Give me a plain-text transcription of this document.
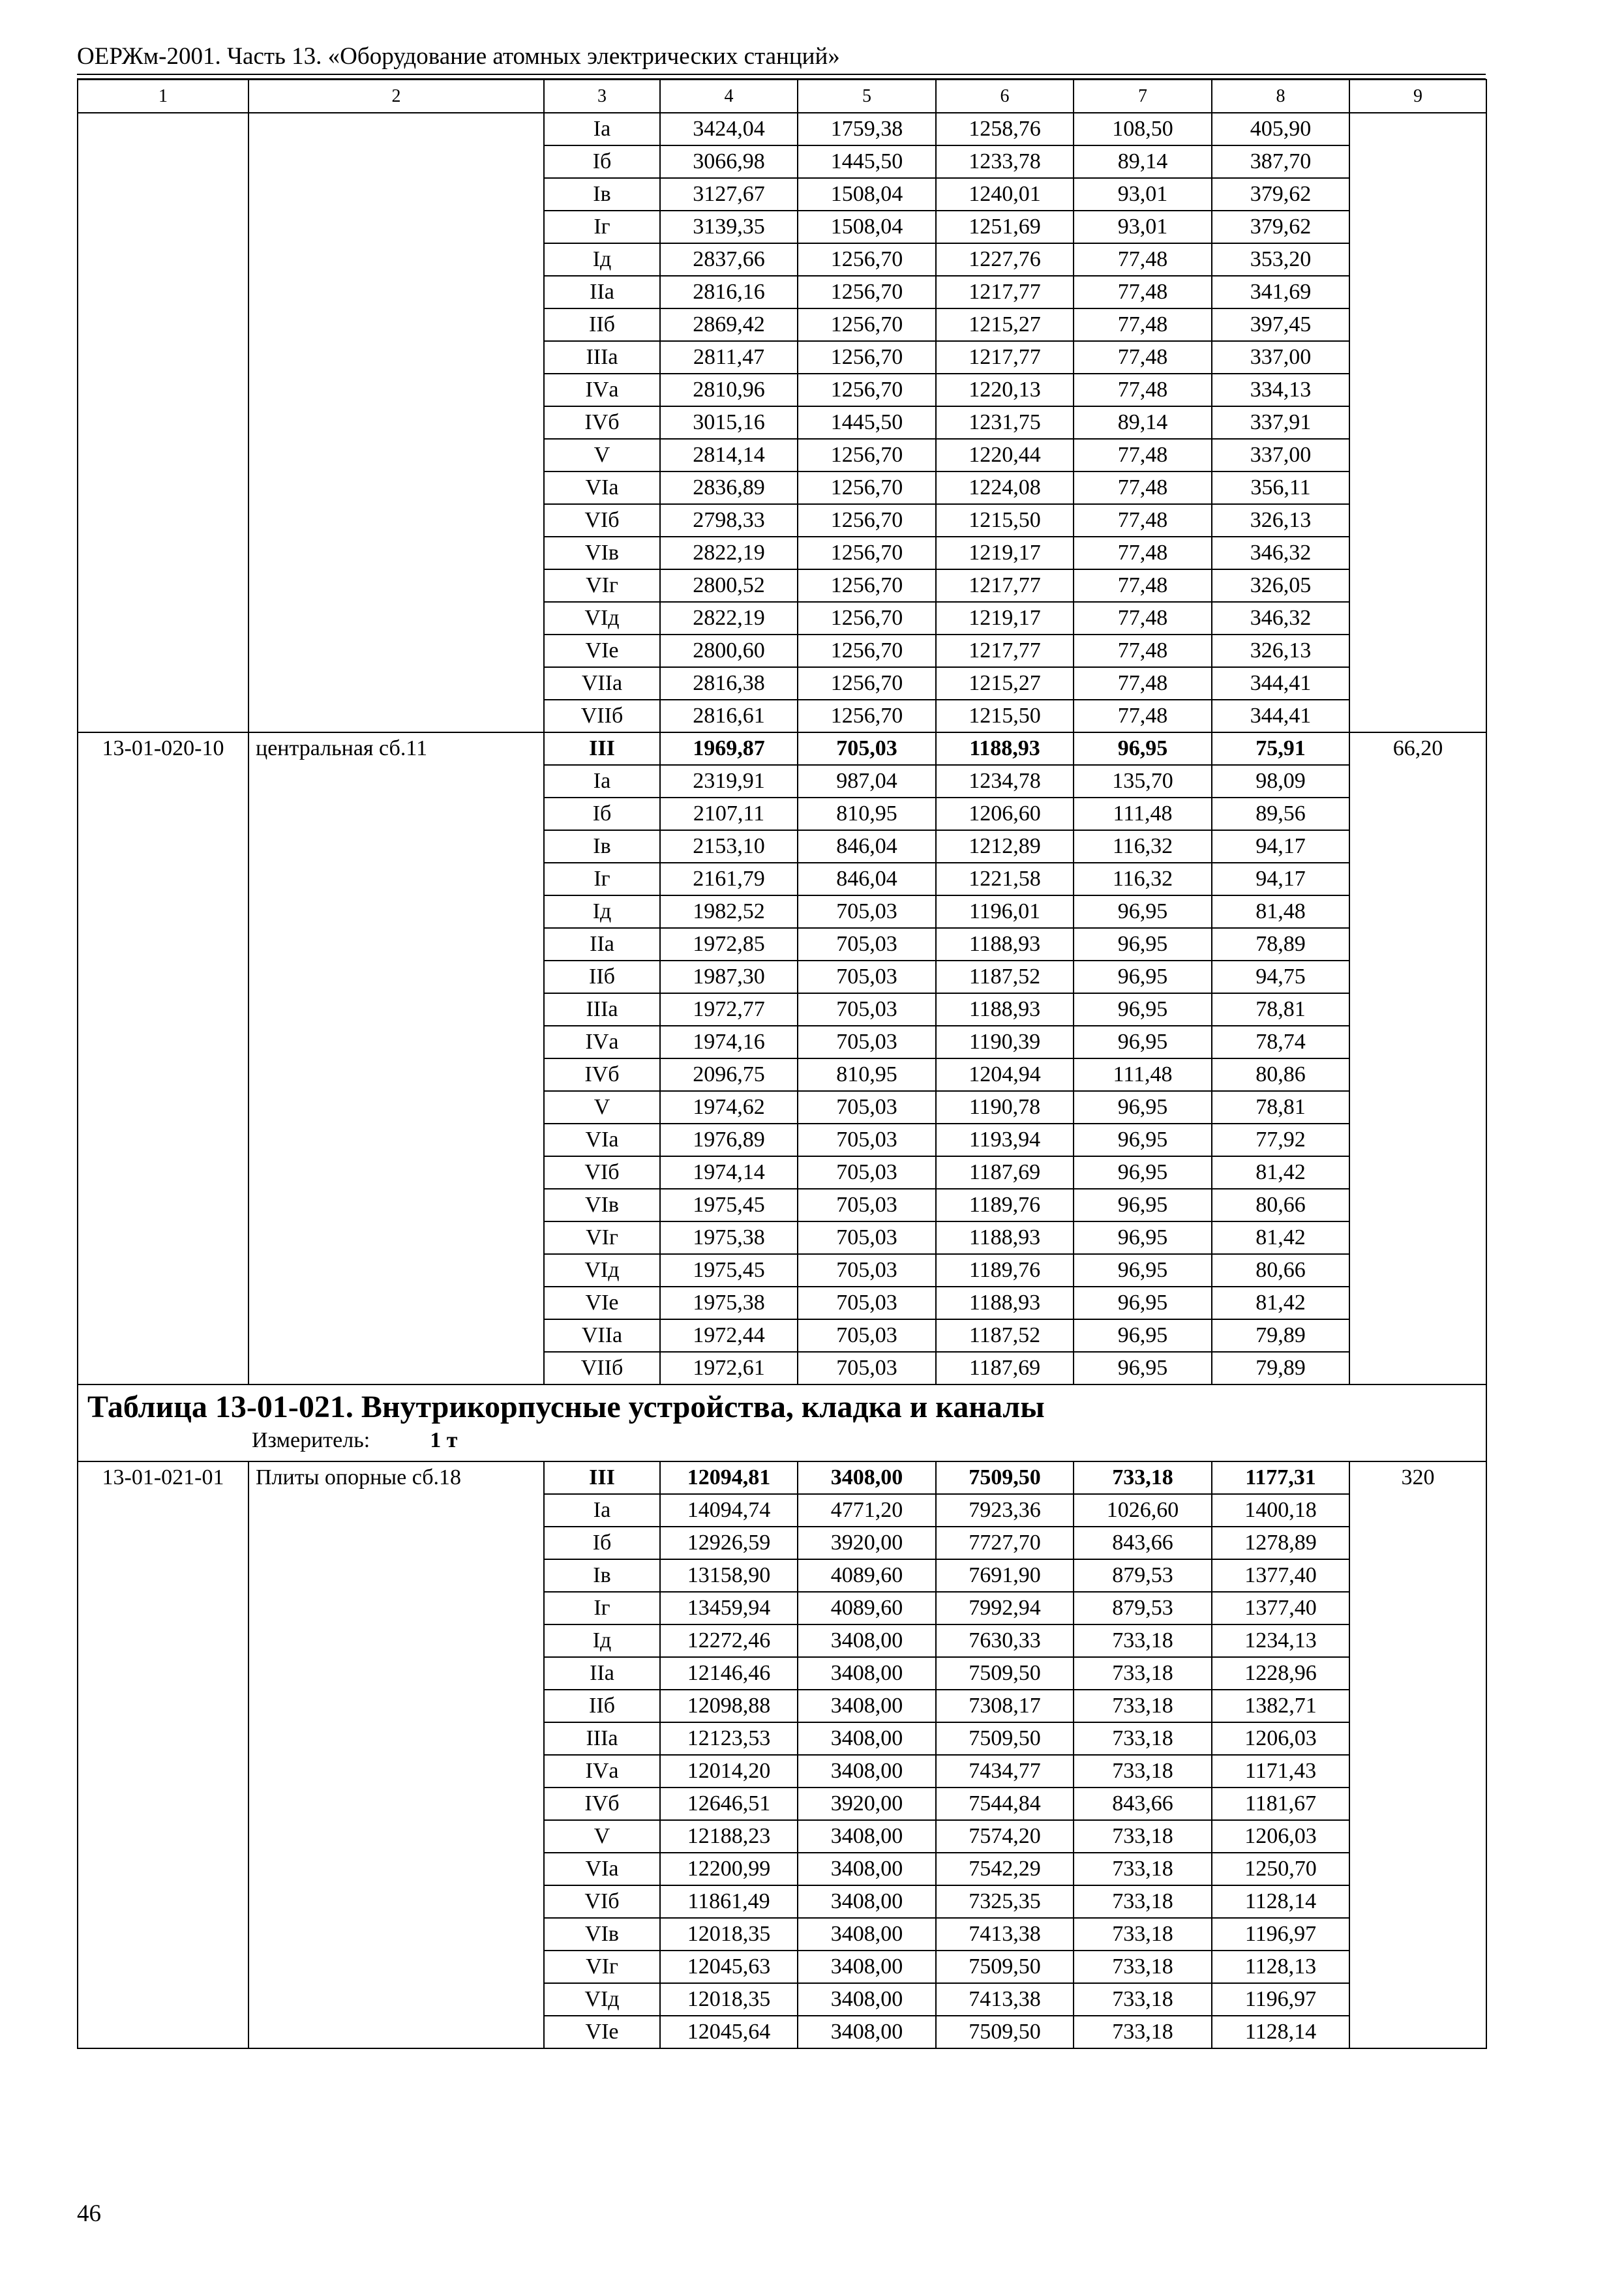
ОЕРЖм-2001. Часть 13. «Оборудование атомных электрических станций»
1	2	3	4	5	6	7	8	9
		Iа	3424,04	1759,38	1258,76	108,50	405,90	
		Iб	3066,98	1445,50	1233,78	89,14	387,70	
		Iв	3127,67	1508,04	1240,01	93,01	379,62	
		Iг	3139,35	1508,04	1251,69	93,01	379,62	
		Iд	2837,66	1256,70	1227,76	77,48	353,20	
		IIа	2816,16	1256,70	1217,77	77,48	341,69	
		IIб	2869,42	1256,70	1215,27	77,48	397,45	
		IIIа	2811,47	1256,70	1217,77	77,48	337,00	
		IVа	2810,96	1256,70	1220,13	77,48	334,13	
		IVб	3015,16	1445,50	1231,75	89,14	337,91	
		V	2814,14	1256,70	1220,44	77,48	337,00	
		VIа	2836,89	1256,70	1224,08	77,48	356,11	
		VIб	2798,33	1256,70	1215,50	77,48	326,13	
		VIв	2822,19	1256,70	1219,17	77,48	346,32	
		VIг	2800,52	1256,70	1217,77	77,48	326,05	
		VIд	2822,19	1256,70	1219,17	77,48	346,32	
		VIе	2800,60	1256,70	1217,77	77,48	326,13	
		VIIа	2816,38	1256,70	1215,27	77,48	344,41	
		VIIб	2816,61	1256,70	1215,50	77,48	344,41	
13-01-020-10	центральная сб.11	III	1969,87	705,03	1188,93	96,95	75,91	66,20
		Iа	2319,91	987,04	1234,78	135,70	98,09	
		Iб	2107,11	810,95	1206,60	111,48	89,56	
		Iв	2153,10	846,04	1212,89	116,32	94,17	
		Iг	2161,79	846,04	1221,58	116,32	94,17	
		Iд	1982,52	705,03	1196,01	96,95	81,48	
		IIа	1972,85	705,03	1188,93	96,95	78,89	
		IIб	1987,30	705,03	1187,52	96,95	94,75	
		IIIа	1972,77	705,03	1188,93	96,95	78,81	
		IVа	1974,16	705,03	1190,39	96,95	78,74	
		IVб	2096,75	810,95	1204,94	111,48	80,86	
		V	1974,62	705,03	1190,78	96,95	78,81	
		VIа	1976,89	705,03	1193,94	96,95	77,92	
		VIб	1974,14	705,03	1187,69	96,95	81,42	
		VIв	1975,45	705,03	1189,76	96,95	80,66	
		VIг	1975,38	705,03	1188,93	96,95	81,42	
		VIд	1975,45	705,03	1189,76	96,95	80,66	
		VIе	1975,38	705,03	1188,93	96,95	81,42	
		VIIа	1972,44	705,03	1187,52	96,95	79,89	
		VIIб	1972,61	705,03	1187,69	96,95	79,89	

Таблица 13-01-021. Внутрикорпусные устройства, кладка и каналы
Измеритель: 1 т								

13-01-021-01	Плиты опорные сб.18	III	12094,81	3408,00	7509,50	733,18	1177,31	320
		Iа	14094,74	4771,20	7923,36	1026,60	1400,18	
		Iб	12926,59	3920,00	7727,70	843,66	1278,89	
		Iв	13158,90	4089,60	7691,90	879,53	1377,40	
		Iг	13459,94	4089,60	7992,94	879,53	1377,40	
		Iд	12272,46	3408,00	7630,33	733,18	1234,13	
		IIа	12146,46	3408,00	7509,50	733,18	1228,96	
		IIб	12098,88	3408,00	7308,17	733,18	1382,71	
		IIIа	12123,53	3408,00	7509,50	733,18	1206,03	
		IVа	12014,20	3408,00	7434,77	733,18	1171,43	
		IVб	12646,51	3920,00	7544,84	843,66	1181,67	
		V	12188,23	3408,00	7574,20	733,18	1206,03	
		VIа	12200,99	3408,00	7542,29	733,18	1250,70	
		VIб	11861,49	3408,00	7325,35	733,18	1128,14	
		VIв	12018,35	3408,00	7413,38	733,18	1196,97	
		VIг	12045,63	3408,00	7509,50	733,18	1128,13	
		VIд	12018,35	3408,00	7413,38	733,18	1196,97	
		VIе	12045,64	3408,00	7509,50	733,18	1128,14	
46
